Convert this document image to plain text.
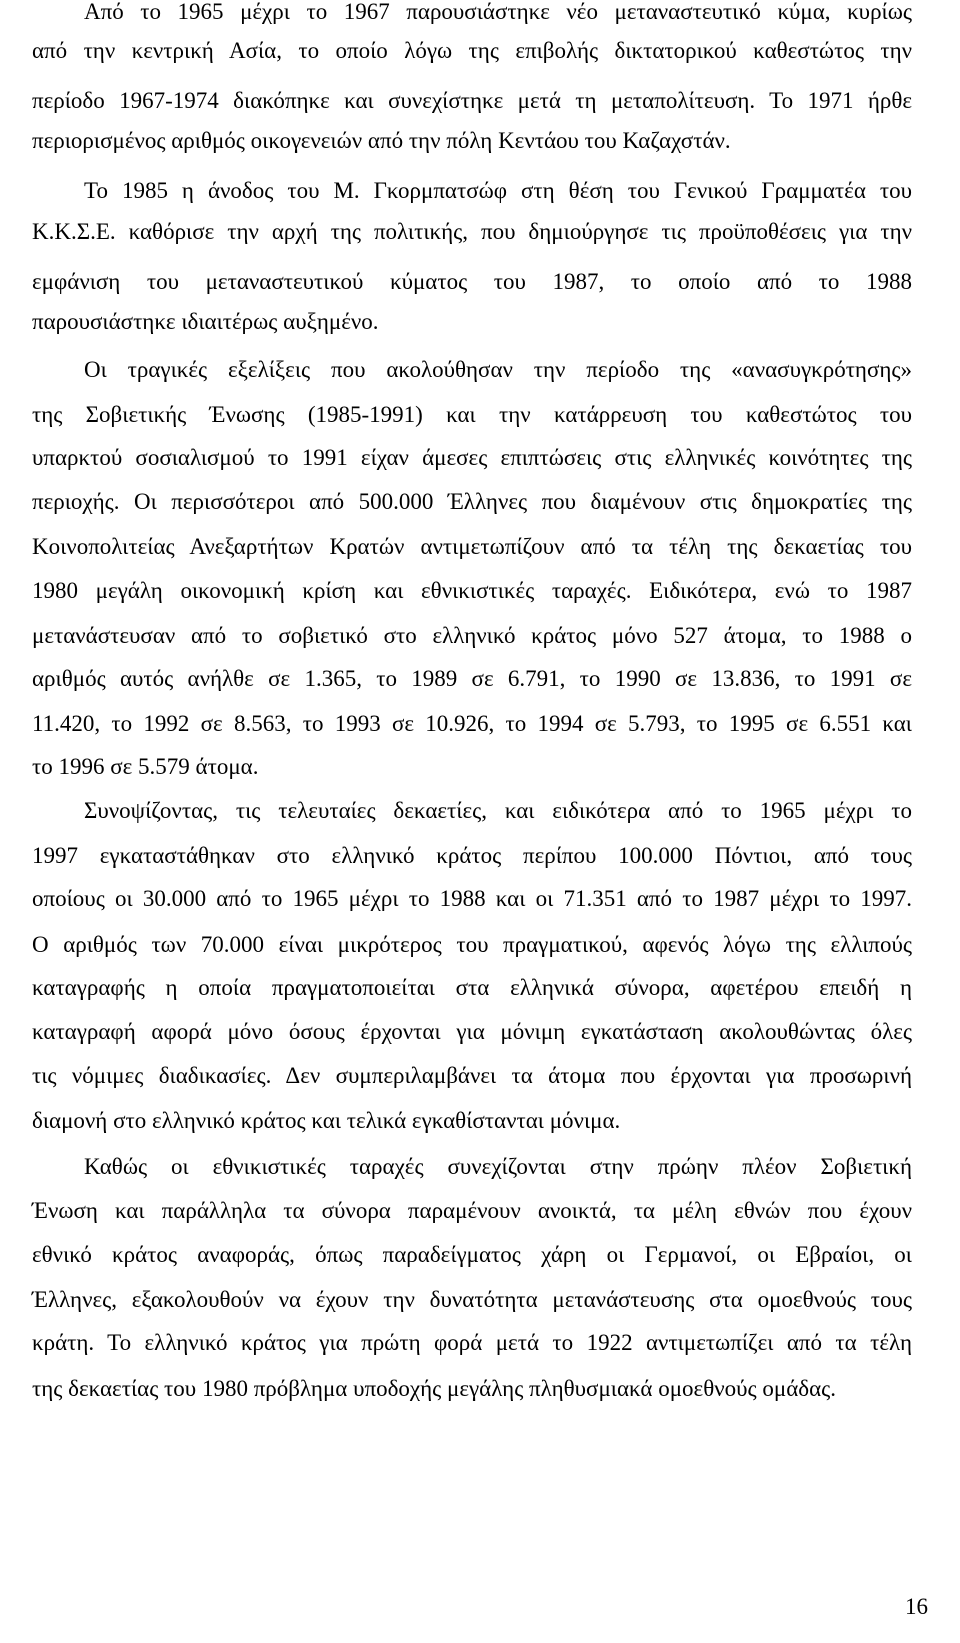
Από το 1965 μέχρι το 1967 παρουσιάστηκε νέο μεταναστευτικό κύμα, κυρίως
από την κεντρική Ασία, το οποίο λόγω της επιβολής δικτατορικού καθεστώτος την
περίοδο 1967-1974 διακόπηκε και συνεχίστηκε μετά τη μεταπολίτευση. Το 1971 ήρθε
περιορισμένος αριθμός οικογενειών από την πόλη Κεντάου του Καζαχστάν.
Το 1985 η άνοδος του Μ. Γκορμπατσώφ στη θέση του Γενικού Γραμματέα του
Κ.Κ.Σ.Ε. καθόρισε την αρχή της πολιτικής, που δημιούργησε τις προϋποθέσεις για την
εμφάνιση του μεταναστευτικού κύματος του 1987, το οποίο από το 1988
παρουσιάστηκε ιδιαιτέρως αυξημένο.
Οι τραγικές εξελίξεις που ακολούθησαν την περίοδο της «ανασυγκρότησης»
της Σοβιετικής Ένωσης (1985-1991) και την κατάρρευση του καθεστώτος του
υπαρκτού σοσιαλισμού το 1991 είχαν άμεσες επιπτώσεις στις ελληνικές κοινότητες της
περιοχής. Οι περισσότεροι από 500.000 Έλληνες που διαμένουν στις δημοκρατίες της
Κοινοπολιτείας Ανεξαρτήτων Κρατών αντιμετωπίζουν από τα τέλη της δεκαετίας του
1980 μεγάλη οικονομική κρίση και εθνικιστικές ταραχές. Ειδικότερα, ενώ το 1987
μετανάστευσαν από το σοβιετικό στο ελληνικό κράτος μόνο 527 άτομα, το 1988 ο
αριθμός αυτός ανήλθε σε 1.365, το 1989 σε 6.791, το 1990 σε 13.836, το 1991 σε
11.420, το 1992 σε 8.563, το 1993 σε 10.926, το 1994 σε 5.793, το 1995 σε 6.551 και
το 1996 σε 5.579 άτομα.
Συνοψίζοντας, τις τελευταίες δεκαετίες, και ειδικότερα από το 1965 μέχρι το
1997 εγκαταστάθηκαν στο ελληνικό κράτος περίπου 100.000 Πόντιοι, από τους
οποίους οι 30.000 από το 1965 μέχρι το 1988 και οι 71.351 από το 1987 μέχρι το 1997.
Ο αριθμός των 70.000 είναι μικρότερος του πραγματικού, αφενός λόγω της ελλιπούς
καταγραφής η οποία πραγματοποιείται στα ελληνικά σύνορα, αφετέρου επειδή η
καταγραφή αφορά μόνο όσους έρχονται για μόνιμη εγκατάσταση ακολουθώντας όλες
τις νόμιμες διαδικασίες. Δεν συμπεριλαμβάνει τα άτομα που έρχονται για προσωρινή
διαμονή στο ελληνικό κράτος και τελικά εγκαθίστανται μόνιμα.
Καθώς οι εθνικιστικές ταραχές συνεχίζονται στην πρώην πλέον Σοβιετική
Ένωση και παράλληλα τα σύνορα παραμένουν ανοικτά, τα μέλη εθνών που έχουν
εθνικό κράτος αναφοράς, όπως παραδείγματος χάρη οι Γερμανοί, οι Εβραίοι, οι
Έλληνες, εξακολουθούν να έχουν την δυνατότητα μετανάστευσης στα ομοεθνούς τους
κράτη. Το ελληνικό κράτος για πρώτη φορά μετά το 1922 αντιμετωπίζει από τα τέλη
της δεκαετίας του 1980 πρόβλημα υποδοχής μεγάλης πληθυσμιακά ομοεθνούς ομάδας.
16
